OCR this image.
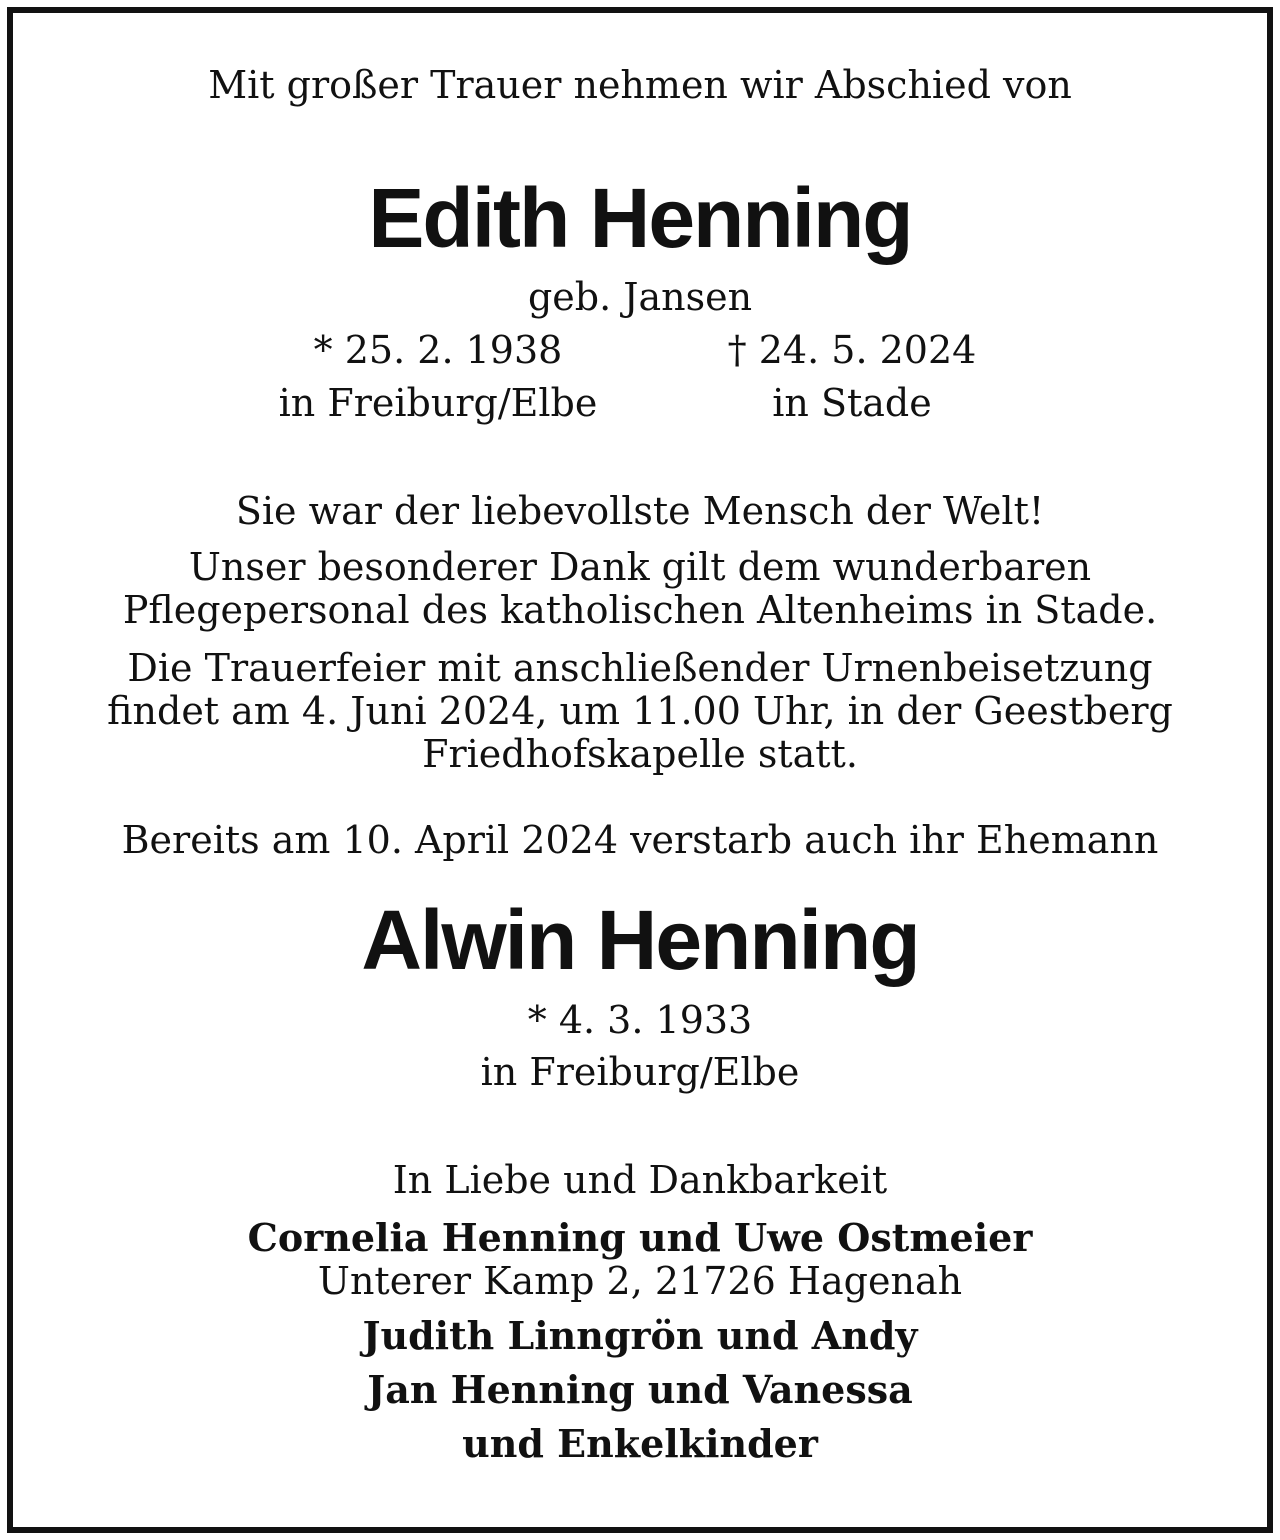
Mit großer Trauer nehmen wir Abschied von

Edith Henning

geb. Jansen

* 25. 2. 1938	† 24. 5. 2024
in Freiburg/Elbe	in Stade

Sie war der liebevollste Mensch der Welt!

Unser besonderer Dank gilt dem wunderbaren

Pflegepersonal des katholischen Altenheims in Stade.

Die Trauerfeier mit anschließender Urnenbeisetzung

findet am 4. Juni 2024, um 11.00 Uhr, in der Geestberg

Friedhofskapelle statt.

Bereits am 10. April 2024 verstarb auch ihr Ehemann

Alwin Henning

* 4. 3. 1933

in Freiburg/Elbe

In Liebe und Dankbarkeit

Cornelia Henning und Uwe Ostmeier

Unterer Kamp 2, 21726 Hagenah

Judith Linngrön und Andy

Jan Henning und Vanessa

und Enkelkinder
